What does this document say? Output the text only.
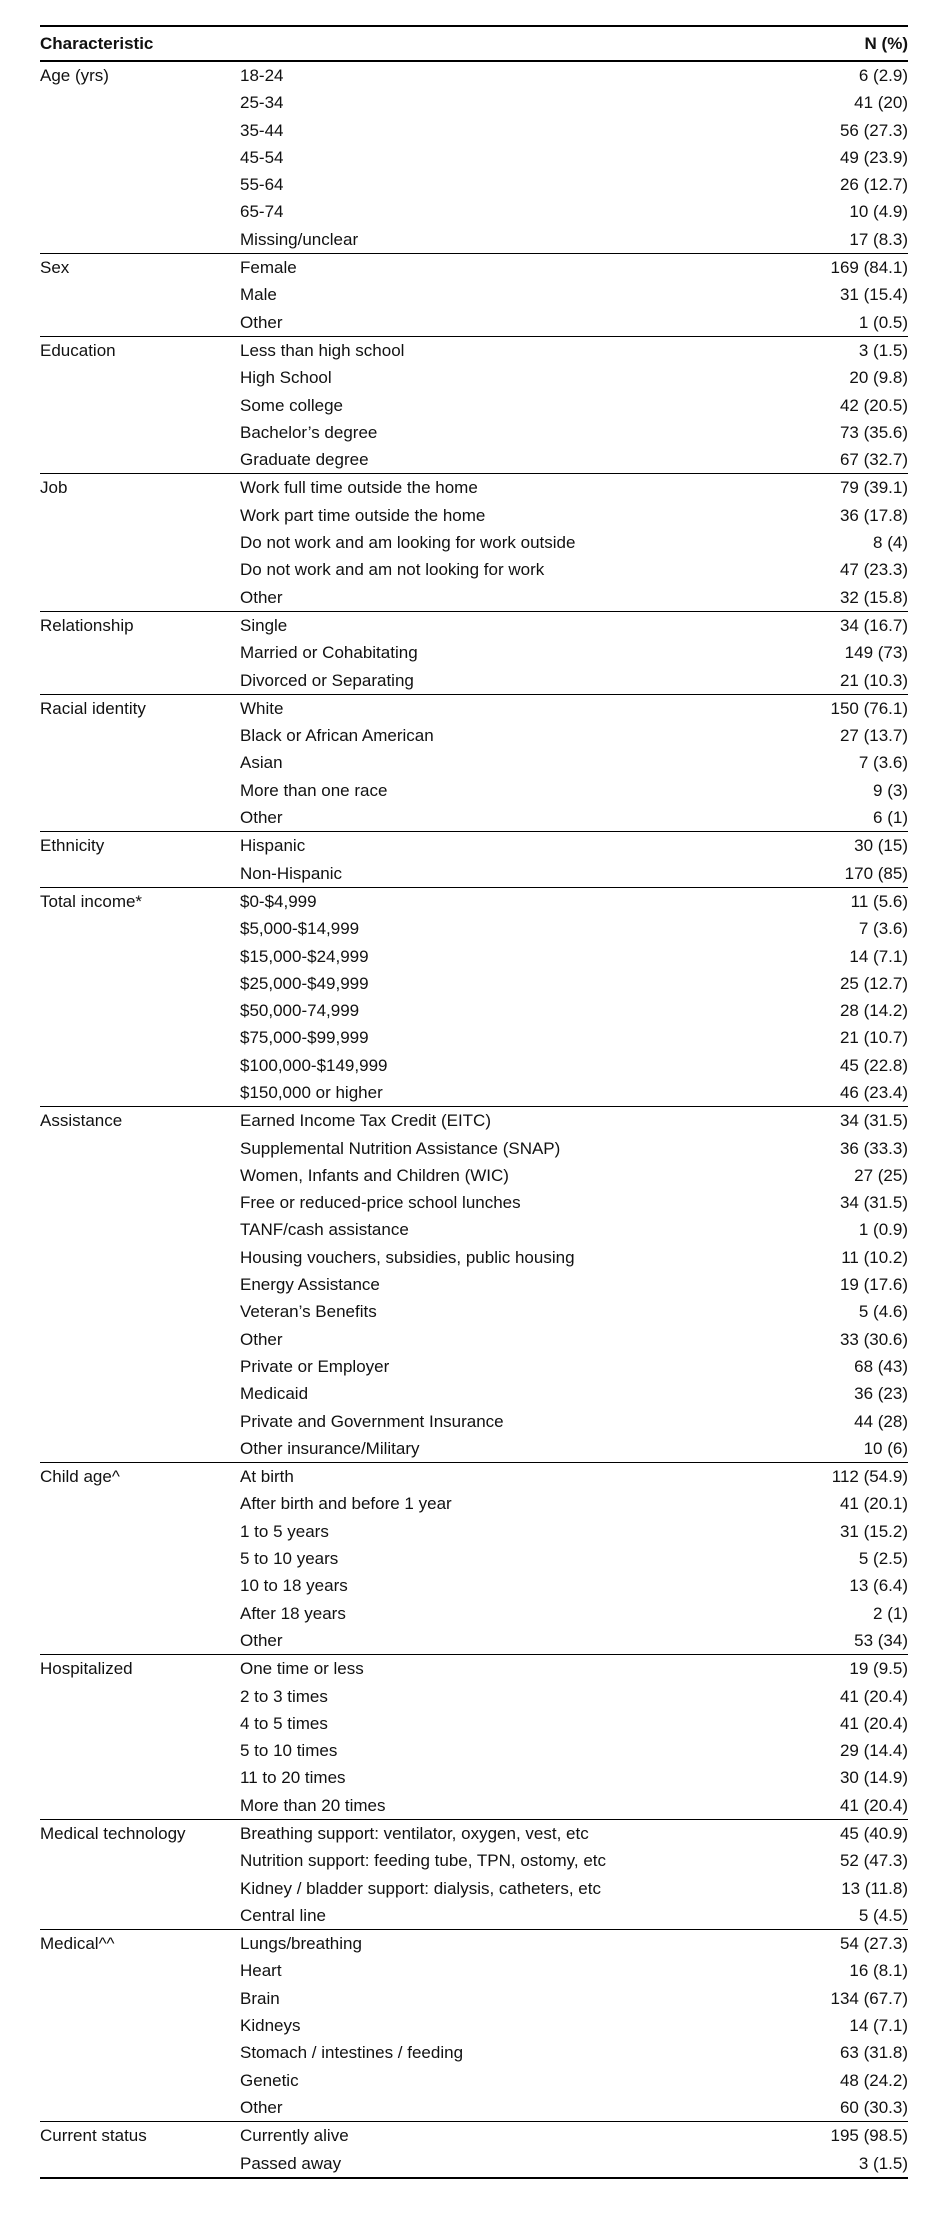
Characteristic		N (%)
Age (yrs)	18-24	6 (2.9)
	25-34	41 (20)
	35-44	56 (27.3)
	45-54	49 (23.9)
	55-64	26 (12.7)
	65-74	10 (4.9)
	Missing/unclear	17 (8.3)
Sex	Female	169 (84.1)
	Male	31 (15.4)
	Other	1 (0.5)
Education	Less than high school	3 (1.5)
	High School	20 (9.8)
	Some college	42 (20.5)
	Bachelor’s degree	73 (35.6)
	Graduate degree	67 (32.7)
Job	Work full time outside the home	79 (39.1)
	Work part time outside the home	36 (17.8)
	Do not work and am looking for work outside	8 (4)
	Do not work and am not looking for work	47 (23.3)
	Other	32 (15.8)
Relationship	Single	34 (16.7)
	Married or Cohabitating	149 (73)
	Divorced or Separating	21 (10.3)
Racial identity	White	150 (76.1)
	Black or African American	27 (13.7)
	Asian	7 (3.6)
	More than one race	9 (3)
	Other	6 (1)
Ethnicity	Hispanic	30 (15)
	Non-Hispanic	170 (85)
Total income*	$0-$4,999	11 (5.6)
	$5,000-$14,999	7 (3.6)
	$15,000-$24,999	14 (7.1)
	$25,000-$49,999	25 (12.7)
	$50,000-74,999	28 (14.2)
	$75,000-$99,999	21 (10.7)
	$100,000-$149,999	45 (22.8)
	$150,000 or higher	46 (23.4)
Assistance	Earned Income Tax Credit (EITC)	34 (31.5)
	Supplemental Nutrition Assistance (SNAP)	36 (33.3)
	Women, Infants and Children (WIC)	27 (25)
	Free or reduced-price school lunches	34 (31.5)
	TANF/cash assistance	1 (0.9)
	Housing vouchers, subsidies, public housing	11 (10.2)
	Energy Assistance	19 (17.6)
	Veteran’s Benefits	5 (4.6)
	Other	33 (30.6)
	Private or Employer	68 (43)
	Medicaid	36 (23)
	Private and Government Insurance	44 (28)
	Other insurance/Military	10 (6)
Child age^	At birth	112 (54.9)
	After birth and before 1 year	41 (20.1)
	1 to 5 years	31 (15.2)
	5 to 10 years	5 (2.5)
	10 to 18 years	13 (6.4)
	After 18 years	2 (1)
	Other	53 (34)
Hospitalized	One time or less	19 (9.5)
	2 to 3 times	41 (20.4)
	4 to 5 times	41 (20.4)
	5 to 10 times	29 (14.4)
	11 to 20 times	30 (14.9)
	More than 20 times	41 (20.4)
Medical technology	Breathing support: ventilator, oxygen, vest, etc	45 (40.9)
	Nutrition support: feeding tube, TPN, ostomy, etc	52 (47.3)
	Kidney / bladder support: dialysis, catheters, etc	13 (11.8)
	Central line	5 (4.5)
Medical^^	Lungs/breathing	54 (27.3)
	Heart	16 (8.1)
	Brain	134 (67.7)
	Kidneys	14 (7.1)
	Stomach / intestines / feeding	63 (31.8)
	Genetic	48 (24.2)
	Other	60 (30.3)
Current status	Currently alive	195 (98.5)
	Passed away	3 (1.5)
